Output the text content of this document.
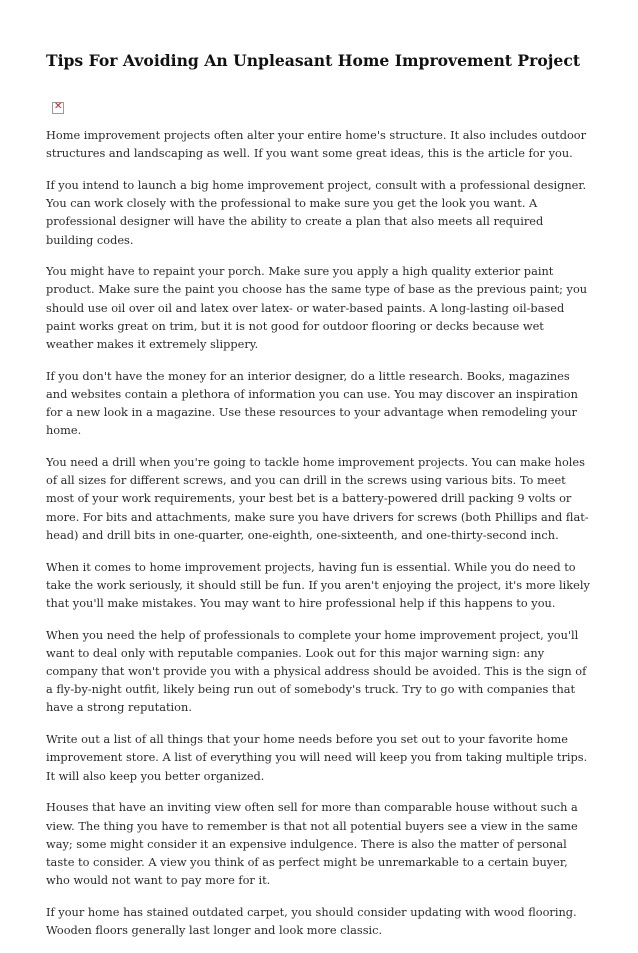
Tips For Avoiding An Unpleasant Home Improvement Project
✕

Home improvement projects often alter your entire home's structure. It also includes outdoor structures and landscaping as well. If you want some great ideas, this is the article for you.

If you intend to launch a big home improvement project, consult with a professional designer. You can work closely with the professional to make sure you get the look you want. A professional designer will have the ability to create a plan that also meets all required building codes.

You might have to repaint your porch. Make sure you apply a high quality exterior paint product. Make sure the paint you choose has the same type of base as the previous paint; you should use oil over oil and latex over latex- or water-based paints. A long-lasting oil-based paint works great on trim, but it is not good for outdoor flooring or decks because wet weather makes it extremely slippery.

If you don't have the money for an interior designer, do a little research. Books, magazines and websites contain a plethora of information you can use. You may discover an inspiration for a new look in a magazine. Use these resources to your advantage when remodeling your home.

You need a drill when you're going to tackle home improvement projects. You can make holes of all sizes for different screws, and you can drill in the screws using various bits. To meet most of your work requirements, your best bet is a battery-powered drill packing 9 volts or more. For bits and attachments, make sure you have drivers for screws (both Phillips and flat-head) and drill bits in one-quarter, one-eighth, one-sixteenth, and one-thirty-second inch.

When it comes to home improvement projects, having fun is essential. While you do need to take the work seriously, it should still be fun. If you aren't enjoying the project, it's more likely that you'll make mistakes. You may want to hire professional help if this happens to you.

When you need the help of professionals to complete your home improvement project, you'll want to deal only with reputable companies. Look out for this major warning sign: any company that won't provide you with a physical address should be avoided. This is the sign of a fly-by-night outfit, likely being run out of somebody's truck. Try to go with companies that have a strong reputation.

Write out a list of all things that your home needs before you set out to your favorite home improvement store. A list of everything you will need will keep you from taking multiple trips. It will also keep you better organized.

Houses that have an inviting view often sell for more than comparable house without such a view. The thing you have to remember is that not all potential buyers see a view in the same way; some might consider it an expensive indulgence. There is also the matter of personal taste to consider. A view you think of as perfect might be unremarkable to a certain buyer, who would not want to pay more for it.

If your home has stained outdated carpet, you should consider updating with wood flooring. Wooden floors generally last longer and look more classic.
